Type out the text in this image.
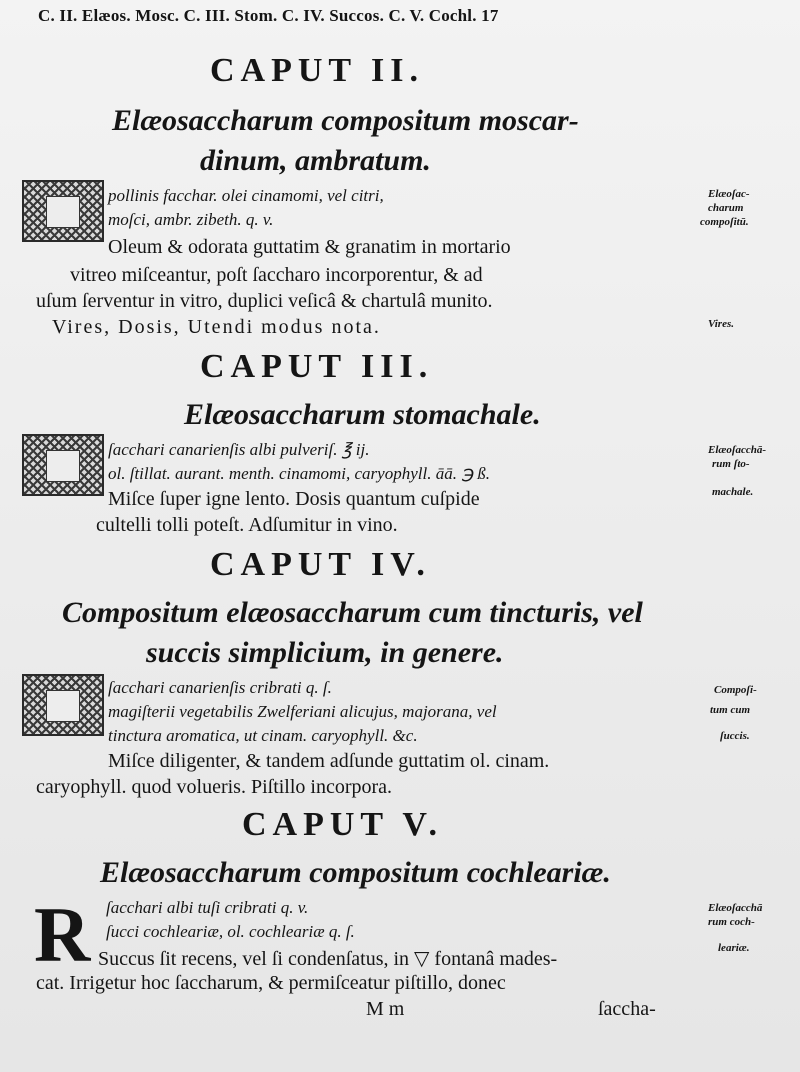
C. II. Elæos. Mosc. C. III. Stom. C. IV. Succos. C. V. Cochl. 17
CAPUT II.
Elæosaccharum compositum moscar-
dinum, ambratum.
pollinis facchar. olei cinamomi, vel citri,
moſci, ambr. zibeth. q. v.
Oleum & odorata guttatim & granatim in mortario
vitreo miſceantur, poſt ſaccharo incorporentur, & ad
uſum ſerventur in vitro, duplici veſicâ & chartulâ munito.
Vires, Dosis, Utendi modus nota.
Elæoſac-
charum
compoſitū.
Vires.
CAPUT III.
Elæosaccharum stomachale.
ſacchari canarienſis albi pulveriſ. ℥ ij.
ol. ſtillat. aurant. menth. cinamomi, caryophyll. āā. ℈ ß.
Miſce ſuper igne lento. Dosis quantum cuſpide
cultelli tolli poteſt. Adſumitur in vino.
Elæoſacchā-
rum ſto-
machale.
CAPUT IV.
Compositum elæosaccharum cum tincturis, vel
succis simplicium, in genere.
ſacchari canarienſis cribrati q. ſ.
magiſterii vegetabilis Zwelferiani alicujus, majorana, vel
tinctura aromatica, ut cinam. caryophyll. &c.
Miſce diligenter, & tandem adſunde guttatim ol. cinam.
caryophyll. quod volueris. Piſtillo incorpora.
Compoſi-
tum cum
ſuccis.
CAPUT V.
Elæosaccharum compositum cochleariæ.
R ſacchari albi tuſi cribrati q. v.
ſucci cochleariæ, ol. cochleariæ q. ſ.
Succus ſit recens, vel ſi condenſatus, in ▽ fontanâ mades-
cat. Irrigetur hoc ſaccharum, & permiſceatur piſtillo, donec
Elæoſacchā
rum coch-
leariæ.
M m	ſaccha-
